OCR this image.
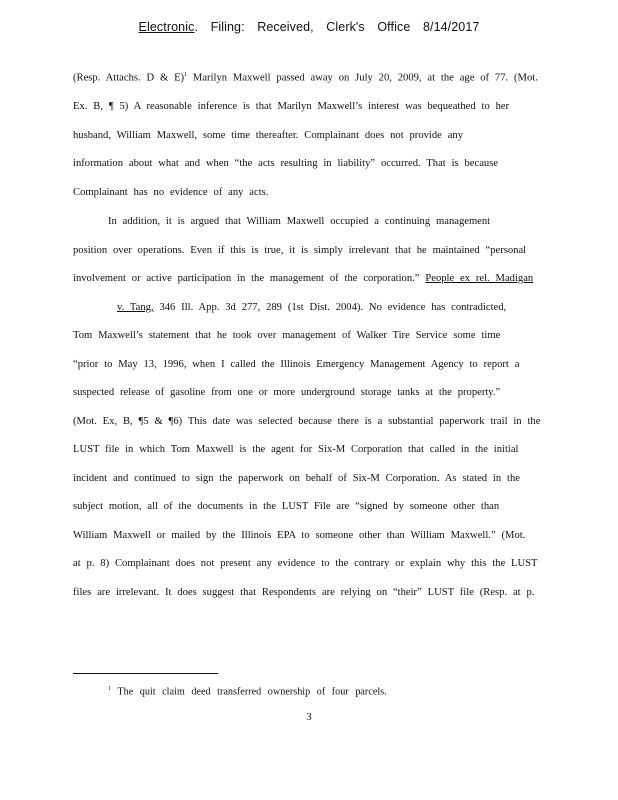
Electronic. Filing: Received, Clerk's Office 8/14/2017
(Resp. Attachs. D & E)$^1$ Marilyn Maxwell passed away on July 20, 2009, at the age of 77. (Mot.
Ex. B, ¶ 5) A reasonable inference is that Marilyn Maxwell’s interest was bequeathed to her
husband, William Maxwell, some time thereafter. Complainant does not provide any
information about what and when “the acts resulting in liability” occurred. That is because
Complainant has no evidence of any acts.
In addition, it is argued that William Maxwell occupied a continuing management
position over operations. Even if this is true, it is simply irrelevant that he maintained “personal
involvement or active participation in the management of the corporation.” People ex rel. Madigan
v. Tang, 346 Ill. App. 3d 277, 289 (1st Dist. 2004). No evidence has contradicted,
Tom Maxwell’s statement that he took over management of Walker Tire Service some time
“prior to May 13, 1996, when I called the Illinois Emergency Management Agency to report a
suspected release of gasoline from one or more underground storage tanks at the property.”
(Mot. Ex, B, ¶5 & ¶6) This date was selected because there is a substantial paperwork trail in the
LUST file in which Tom Maxwell is the agent for Six-M Corporation that called in the initial
incident and continued to sign the paperwork on behalf of Six-M Corporation. As stated in the
subject motion, all of the documents in the LUST File are “signed by someone other than
William Maxwell or mailed by the Illinois EPA to someone other than William Maxwell.” (Mot.
at p. 8) Complainant does not present any evidence to the contrary or explain why this the LUST
files are irrelevant. It does suggest that Respondents are relying on “their” LUST file (Resp. at p.
$^1$ The quit claim deed transferred ownership of four parcels.
3
